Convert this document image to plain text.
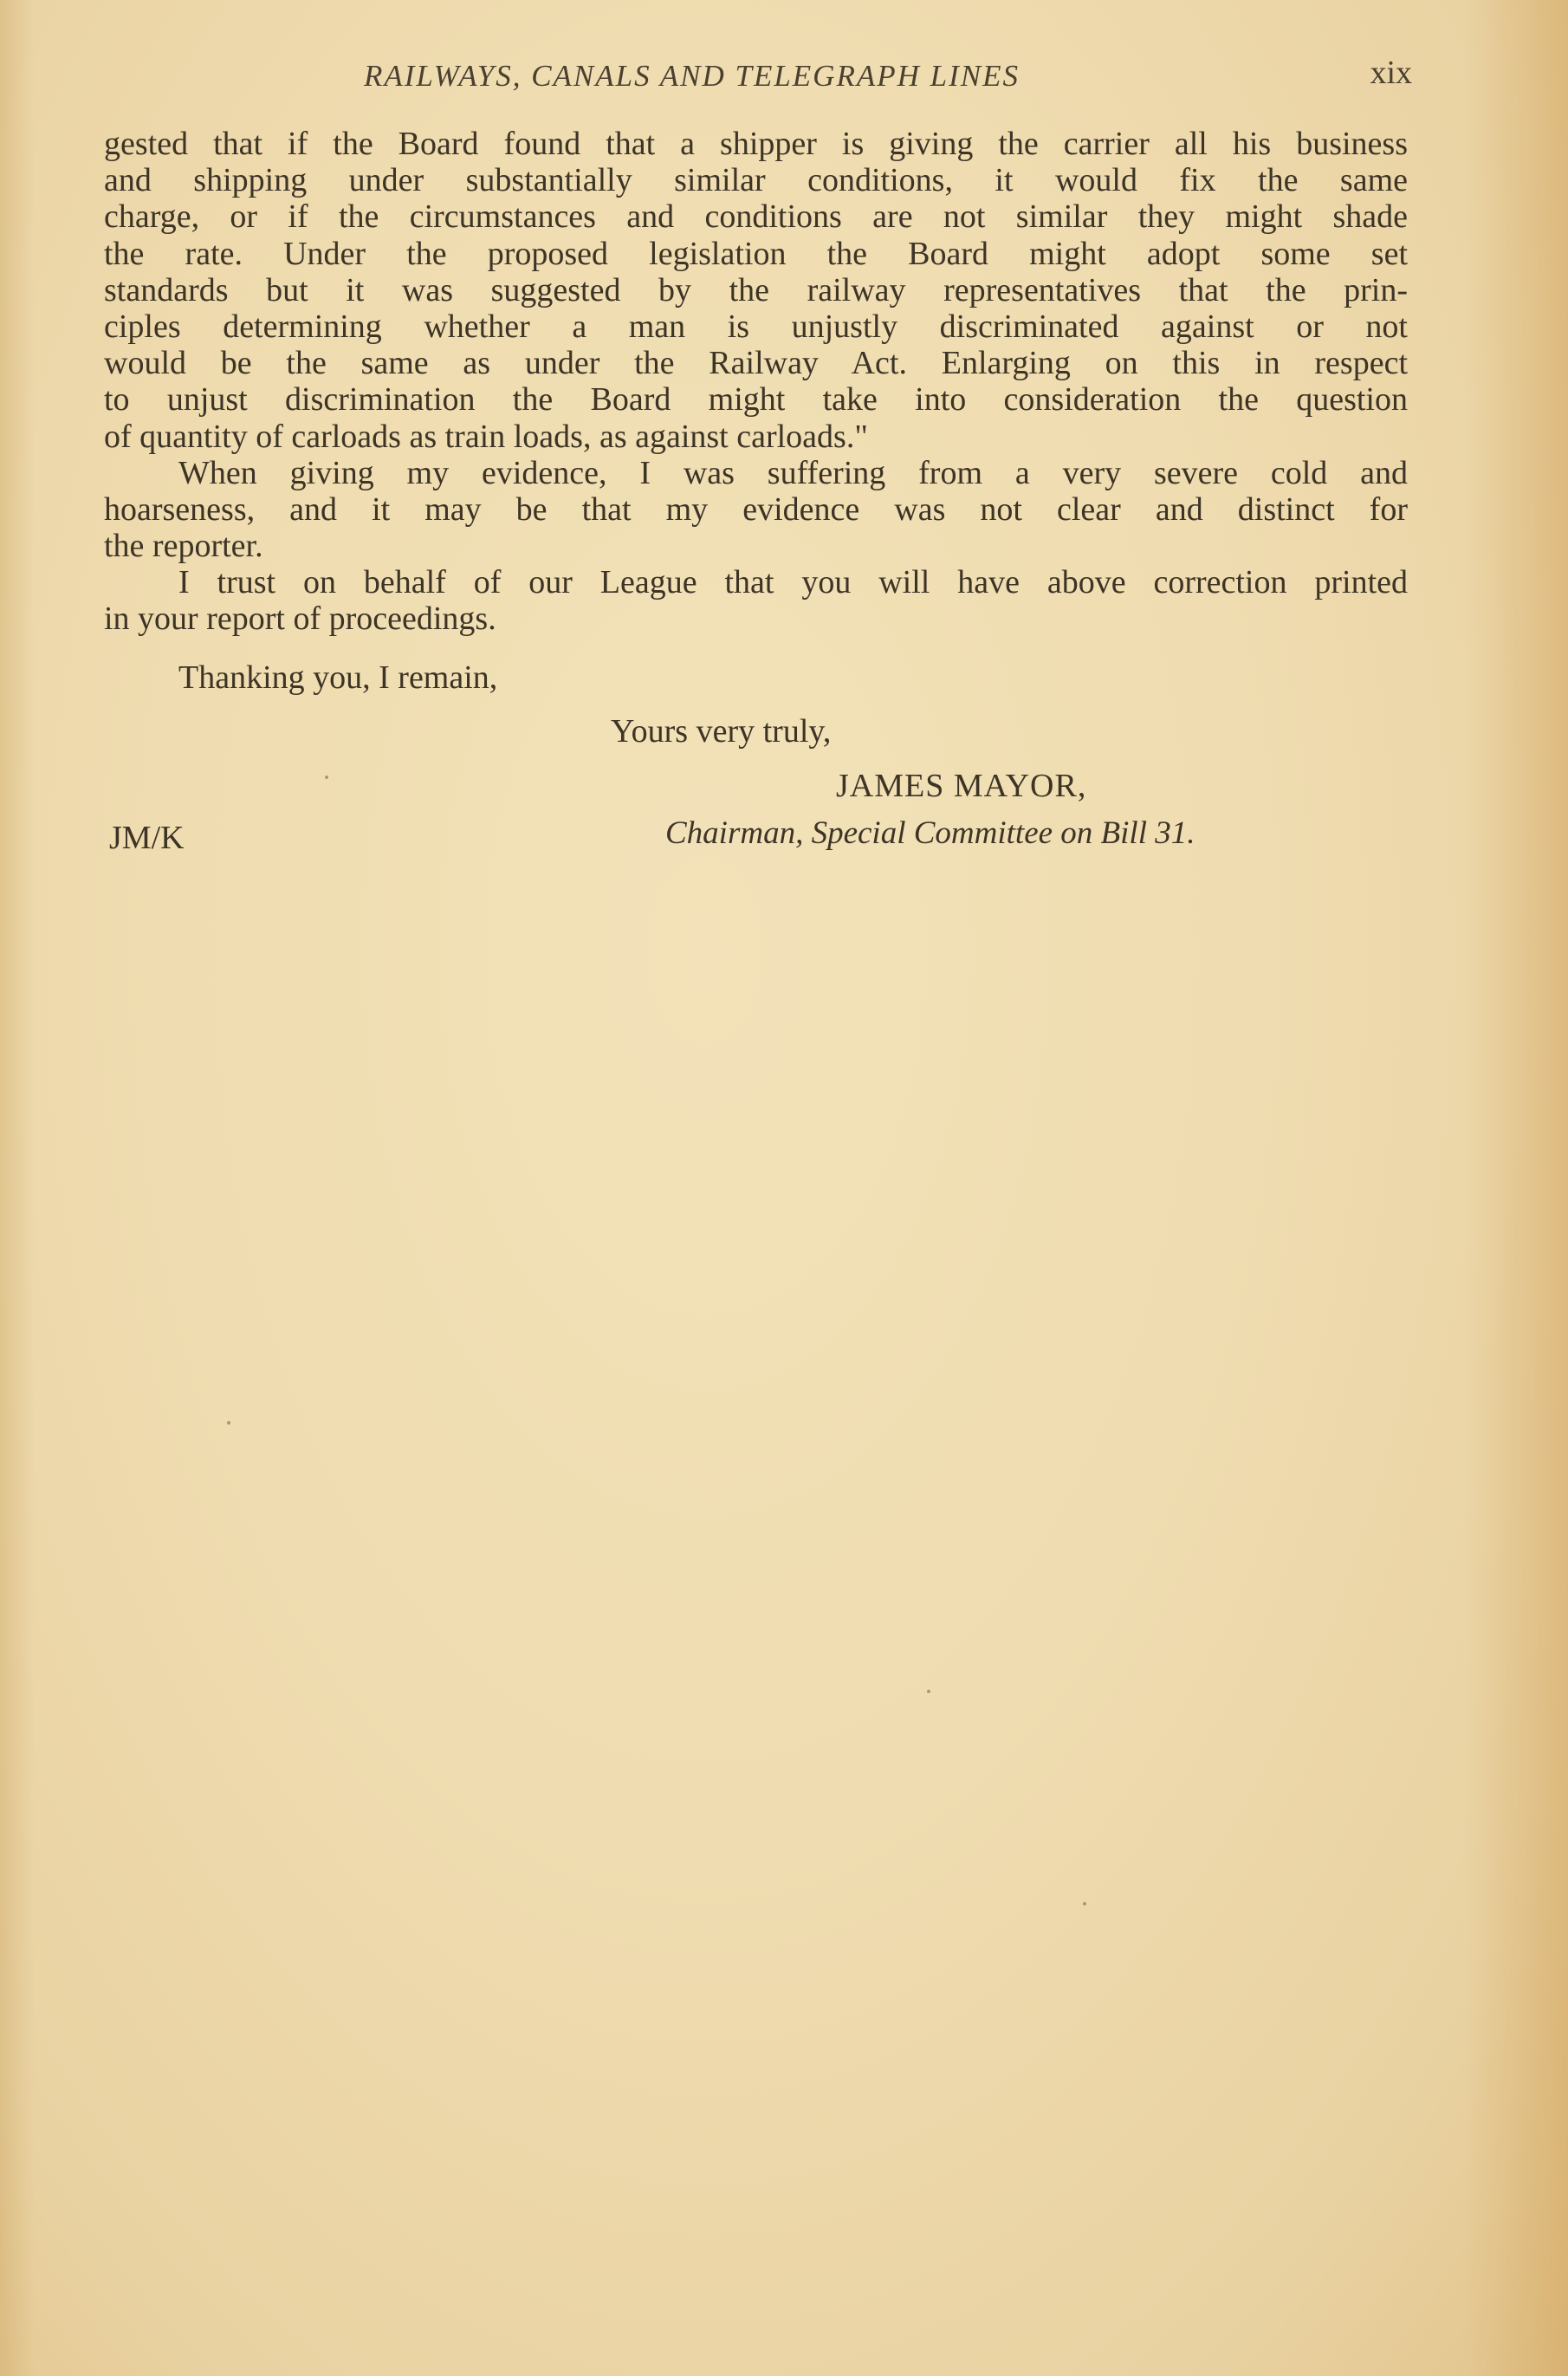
RAILWAYS, CANALS AND TELEGRAPH LINES	xix
gested that if the Board found that a shipper is giving the carrier all his business
and shipping under substantially similar conditions, it would fix the same
charge, or if the circumstances and conditions are not similar they might shade
the rate. Under the proposed legislation the Board might adopt some set
standards but it was suggested by the railway representatives that the prin-
ciples determining whether a man is unjustly discriminated against or not
would be the same as under the Railway Act. Enlarging on this in respect
to unjust discrimination the Board might take into consideration the question
of quantity of carloads as train loads, as against carloads."
When giving my evidence, I was suffering from a very severe cold and
hoarseness, and it may be that my evidence was not clear and distinct for
the reporter.
I trust on behalf of our League that you will have above correction printed
in your report of proceedings.
Thanking you, I remain,
Yours very truly,
JAMES MAYOR,
JM/K	Chairman, Special Committee on Bill 31.
